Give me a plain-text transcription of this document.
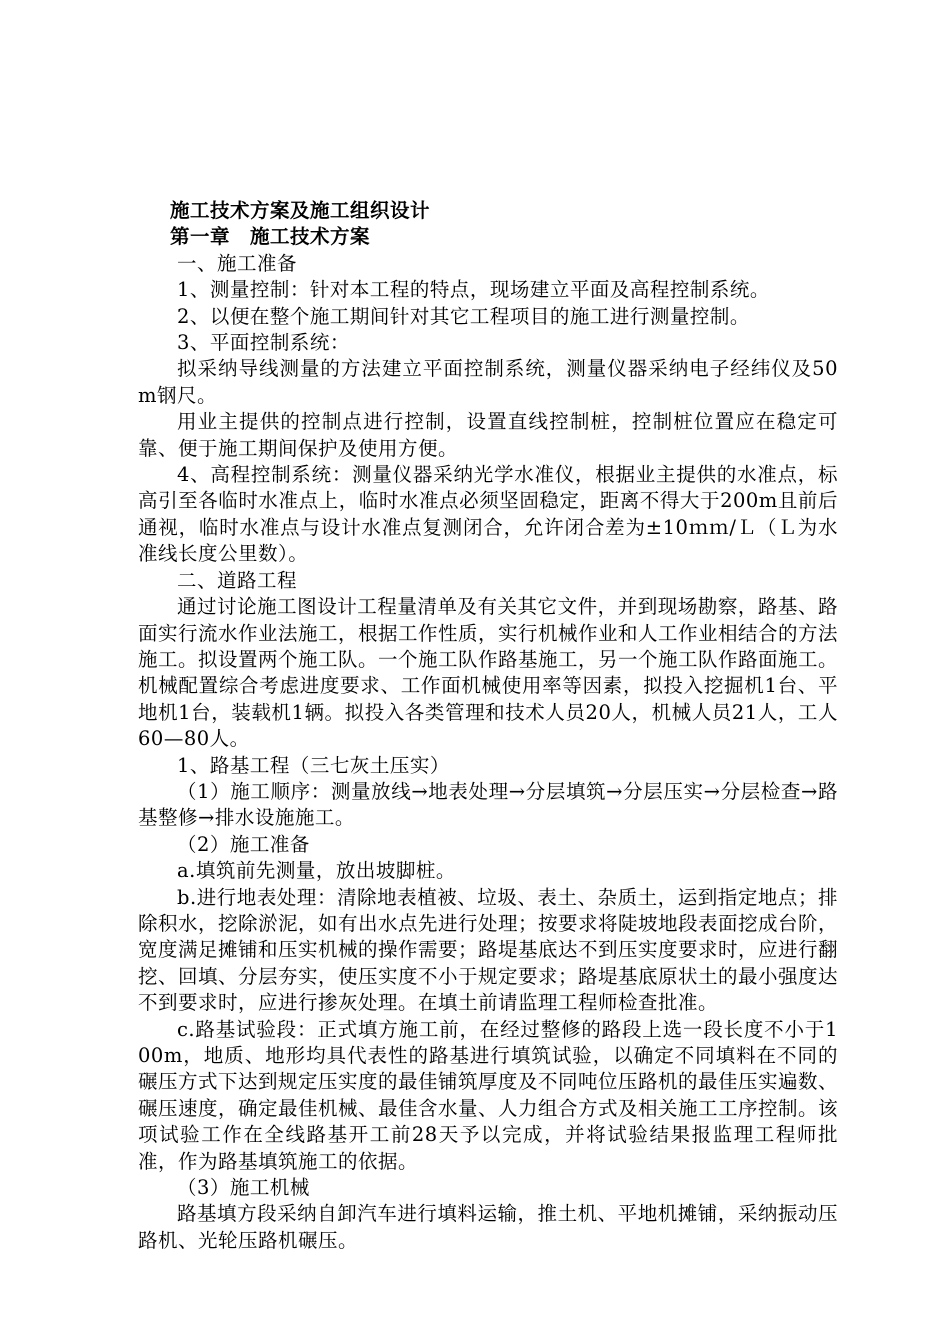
施工技术方案及施工组织设计
第一章　施工技术方案

一、施工准备

1、测量控制：针对本工程的特点，现场建立平面及高程控制系统。

2、以便在整个施工期间针对其它工程项目的施工进行测量控制。

3、平面控制系统：

拟采纳导线测量的方法建立平面控制系统，测量仪器采纳电子经纬仪及50m钢尺。

用业主提供的控制点进行控制，设置直线控制桩，控制桩位置应在稳定可靠、便于施工期间保护及使用方便。

4、高程控制系统：测量仪器采纳光学水准仪，根据业主提供的水准点，标高引至各临时水准点上，临时水准点必须坚固稳定，距离不得大于200m且前后通视，临时水准点与设计水准点复测闭合，允许闭合差为±10ｍｍ/Ｌ（Ｌ为水准线长度公里数）。

二、道路工程

通过讨论施工图设计工程量清单及有关其它文件，并到现场勘察，路基、路面实行流水作业法施工，根据工作性质，实行机械作业和人工作业相结合的方法施工。拟设置两个施工队。一个施工队作路基施工，另一个施工队作路面施工。机械配置综合考虑进度要求、工作面机械使用率等因素，拟投入挖掘机1台、平地机1台，装载机1辆。拟投入各类管理和技术人员20人，机械人员21人，工人60—80人。

1、路基工程（三七灰土压实）

（1）施工顺序：测量放线→地表处理→分层填筑→分层压实→分层检查→路基整修→排水设施施工。

（2）施工准备

a.填筑前先测量，放出坡脚桩。

b.进行地表处理：清除地表植被、垃圾、表土、杂质土，运到指定地点；排除积水，挖除淤泥，如有出水点先进行处理；按要求将陡坡地段表面挖成台阶，宽度满足摊铺和压实机械的操作需要；路堤基底达不到压实度要求时，应进行翻挖、回填、分层夯实，使压实度不小于规定要求；路堤基底原状土的最小强度达不到要求时，应进行掺灰处理。在填土前请监理工程师检查批准。

c.路基试验段：正式填方施工前，在经过整修的路段上选一段长度不小于100m，地质、地形均具代表性的路基进行填筑试验，以确定不同填料在不同的碾压方式下达到规定压实度的最佳铺筑厚度及不同吨位压路机的最佳压实遍数、碾压速度，确定最佳机械、最佳含水量、人力组合方式及相关施工工序控制。该项试验工作在全线路基开工前28天予以完成，并将试验结果报监理工程师批准，作为路基填筑施工的依据。

（3）施工机械

路基填方段采纳自卸汽车进行填料运输，推土机、平地机摊铺，采纳振动压路机、光轮压路机碾压。
